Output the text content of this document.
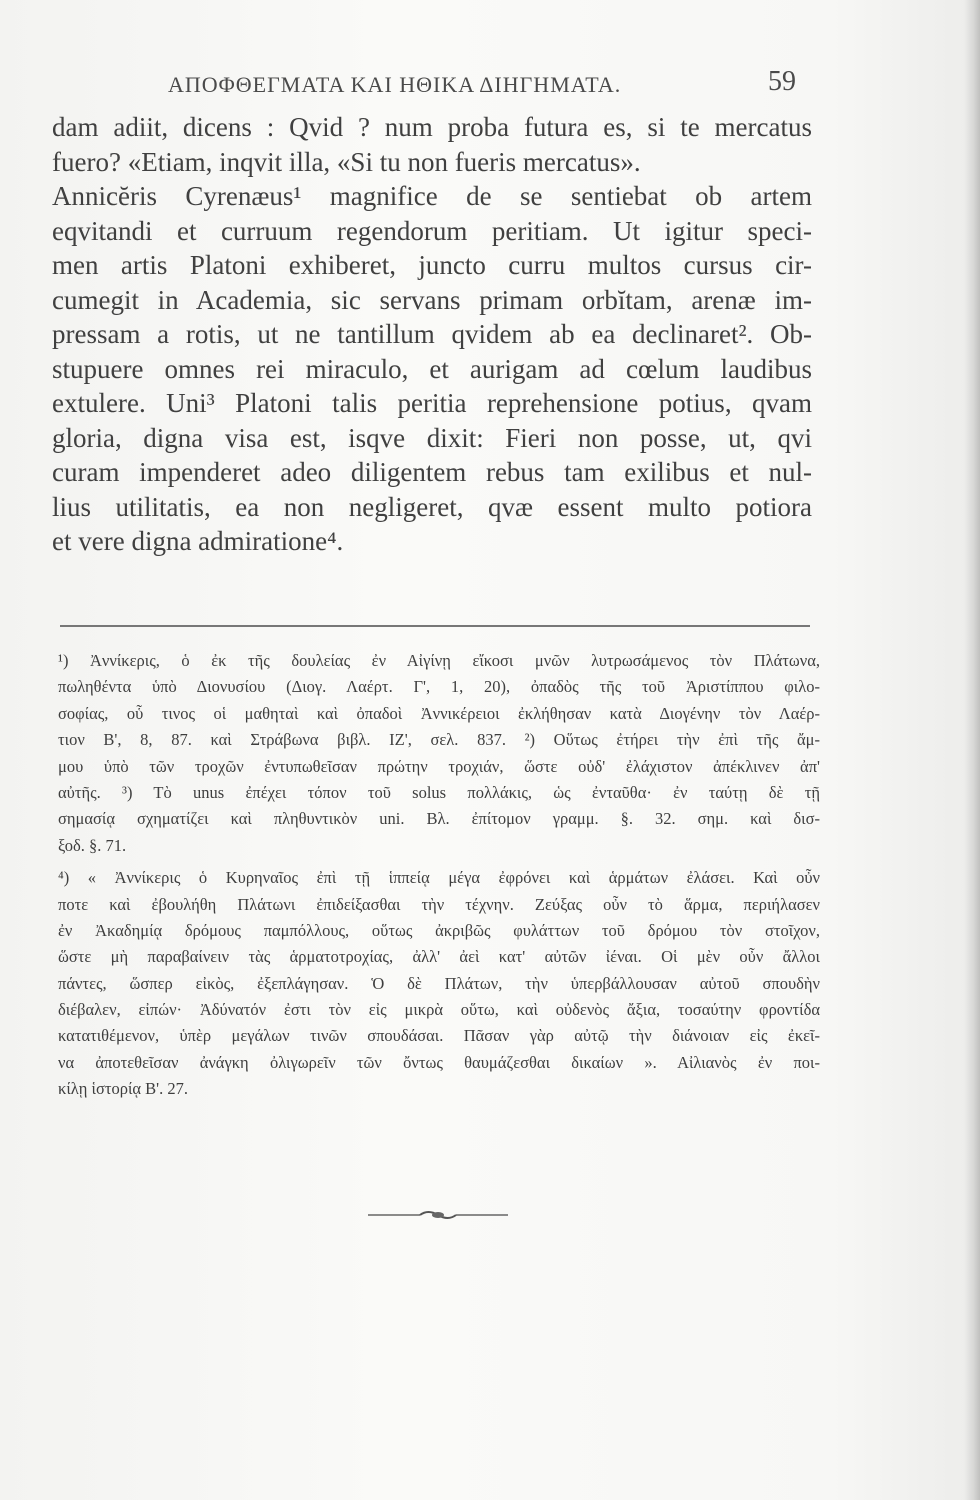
ΑΠΟΦΘΕΓΜΑΤΑ ΚΑΙ ΗΘΙΚΑ ΔΙΗΓΗΜΑΤΑ.	59
dam adiit, dicens : Qvid ? num proba futura es, si te mercatus
fuero? «Etiam, inqvit illa, «Si tu non fueris mercatus».
Annicĕris Cyrenæus¹ magnifice de se sentiebat ob artem
eqvitandi et curruum regendorum peritiam. Ut igitur speci-
men artis Platoni exhiberet, juncto curru multos cursus cir-
cumegit in Academia, sic servans primam orbĭtam, arenæ im-
pressam a rotis, ut ne tantillum qvidem ab ea declinaret². Ob-
stupuere omnes rei miraculo, et aurigam ad cœlum laudibus
extulere. Uni³ Platoni talis peritia reprehensione potius, qvam
gloria, digna visa est, isqve dixit: Fieri non posse, ut, qvi
curam impenderet adeo diligentem rebus tam exilibus et nul-
lius utilitatis, ea non negligeret, qvæ essent multo potiora
et vere digna admiratione⁴.
¹) Ἀννίκερις, ὁ ἐκ τῆς δουλείας ἐν Αἰγίνῃ εἴκοσι μνῶν λυτρωσάμενος τὸν Πλάτωνα,
πωληθέντα ὑπὸ Διονυσίου (Διογ. Λαέρτ. Γ', 1, 20), ὀπαδὸς τῆς τοῦ Ἀριστίππου φιλο-
σοφίας, οὗ τινος οἱ μαθηταὶ καὶ ὀπαδοὶ Ἀννικέρειοι ἐκλήθησαν κατὰ Διογένην τὸν Λαέρ-
τιον Β', 8, 87. καὶ Στράβωνα βιβλ. ΙΖ', σελ. 837. ²) Οὕτως ἐτήρει τὴν ἐπὶ τῆς ἄμ-
μου ὑπὸ τῶν τροχῶν ἐντυπωθεῖσαν πρώτην τροχιάν, ὥστε οὐδ' ἐλάχιστον ἀπέκλινεν ἀπ'
αὐτῆς. ³) Τὸ unus ἐπέχει τόπον τοῦ solus πολλάκις, ὡς ἐνταῦθα· ἐν ταύτῃ δὲ τῇ
σημασίᾳ σχηματίζει καὶ πληθυντικὸν uni. Βλ. ἐπίτομον γραμμ. §. 32. σημ. καὶ δισ-
ξοδ. §. 71.
⁴) « Ἀννίκερις ὁ Κυρηναῖος ἐπὶ τῇ ἱππείᾳ μέγα ἐφρόνει καὶ ἁρμάτων ἐλάσει. Καὶ οὖν
ποτε καὶ ἐβουλήθη Πλάτωνι ἐπιδείξασθαι τὴν τέχνην. Ζεύξας οὖν τὸ ἅρμα, περιήλασεν
ἐν Ἀκαδημίᾳ δρόμους παμπόλλους, οὕτως ἀκριβῶς φυλάττων τοῦ δρόμου τὸν στοῖχον,
ὥστε μὴ παραβαίνειν τὰς ἁρματοτροχίας, ἀλλ' ἀεὶ κατ' αὐτῶν ἰέναι. Οἱ μὲν οὖν ἄλλοι
πάντες, ὥσπερ εἰκὸς, ἐξεπλάγησαν. Ὁ δὲ Πλάτων, τὴν ὑπερβάλλουσαν αὐτοῦ σπουδὴν
διέβαλεν, εἰπών· Ἀδύνατόν ἐστι τὸν εἰς μικρὰ οὕτω, καὶ οὐδενὸς ἄξια, τοσαύτην φροντίδα
κατατιθέμενον, ὑπὲρ μεγάλων τινῶν σπουδάσαι. Πᾶσαν γὰρ αὐτῷ τὴν διάνοιαν εἰς ἐκεῖ-
να ἀποτεθεῖσαν ἀνάγκη ὀλιγωρεῖν τῶν ὄντως θαυμάζεσθαι δικαίων ». Αἰλιανὸς ἐν ποι-
κίλῃ ἱστορίᾳ Β'. 27.
